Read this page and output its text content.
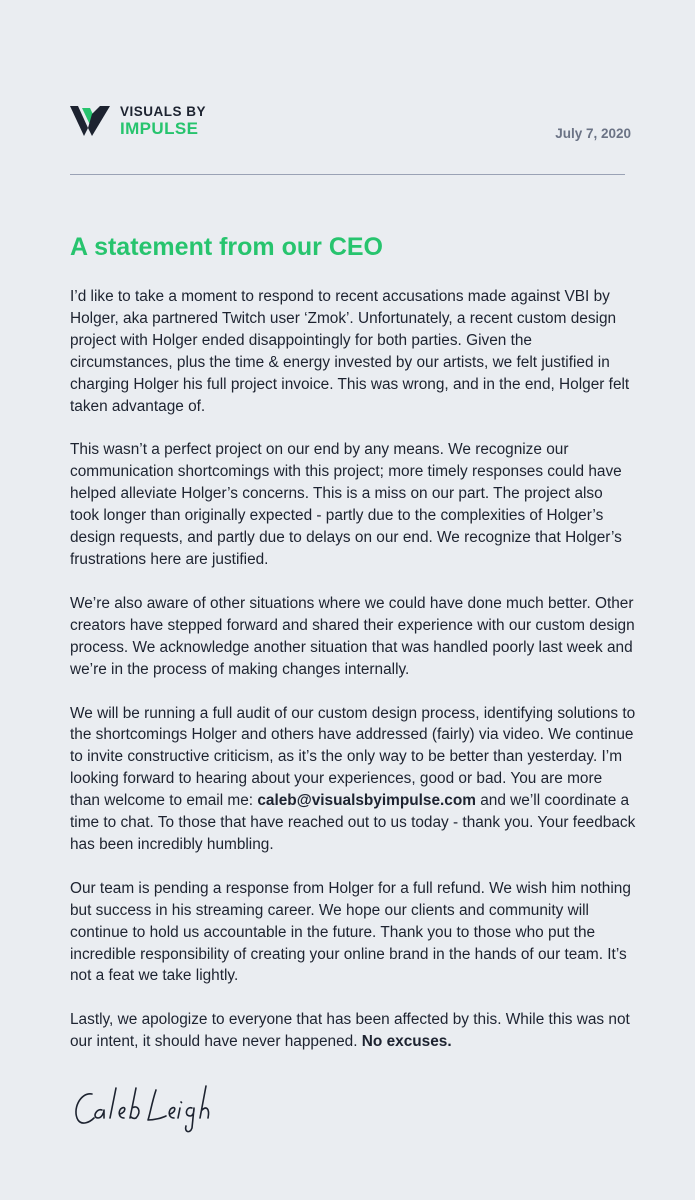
VISUALS BY
IMPULSE	July 7, 2020
A statement from our CEO

I’d like to take a moment to respond to recent accusations made against VBI by Holger, aka partnered Twitch user ‘Zmok’. Unfortunately, a recent custom design project with Holger ended disappointingly for both parties. Given the circumstances, plus the time & energy invested by our artists, we felt justified in charging Holger his full project invoice. This was wrong, and in the end, Holger felt taken advantage of.

This wasn’t a perfect project on our end by any means. We recognize our communication shortcomings with this project; more timely responses could have helped alleviate Holger’s concerns. This is a miss on our part. The project also took longer than originally expected - partly due to the complexities of Holger’s design requests, and partly due to delays on our end. We recognize that Holger’s frustrations here are justified.

We’re also aware of other situations where we could have done much better. Other creators have stepped forward and shared their experience with our custom design process. We acknowledge another situation that was handled poorly last week and we’re in the process of making changes internally.

We will be running a full audit of our custom design process, identifying solutions to the shortcomings Holger and others have addressed (fairly) via video. We continue to invite constructive criticism, as it’s the only way to be better than yesterday. I’m looking forward to hearing about your experiences, good or bad. You are more than welcome to email me: caleb@visualsbyimpulse.com and we’ll coordinate a time to chat. To those that have reached out to us today - thank you. Your feedback has been incredibly humbling.

Our team is pending a response from Holger for a full refund. We wish him nothing but success in his streaming career. We hope our clients and community will continue to hold us accountable in the future. Thank you to those who put the incredible responsibility of creating your online brand in the hands of our team. It’s not a feat we take lightly.

Lastly, we apologize to everyone that has been affected by this. While this was not our intent, it should have never happened. No excuses.
